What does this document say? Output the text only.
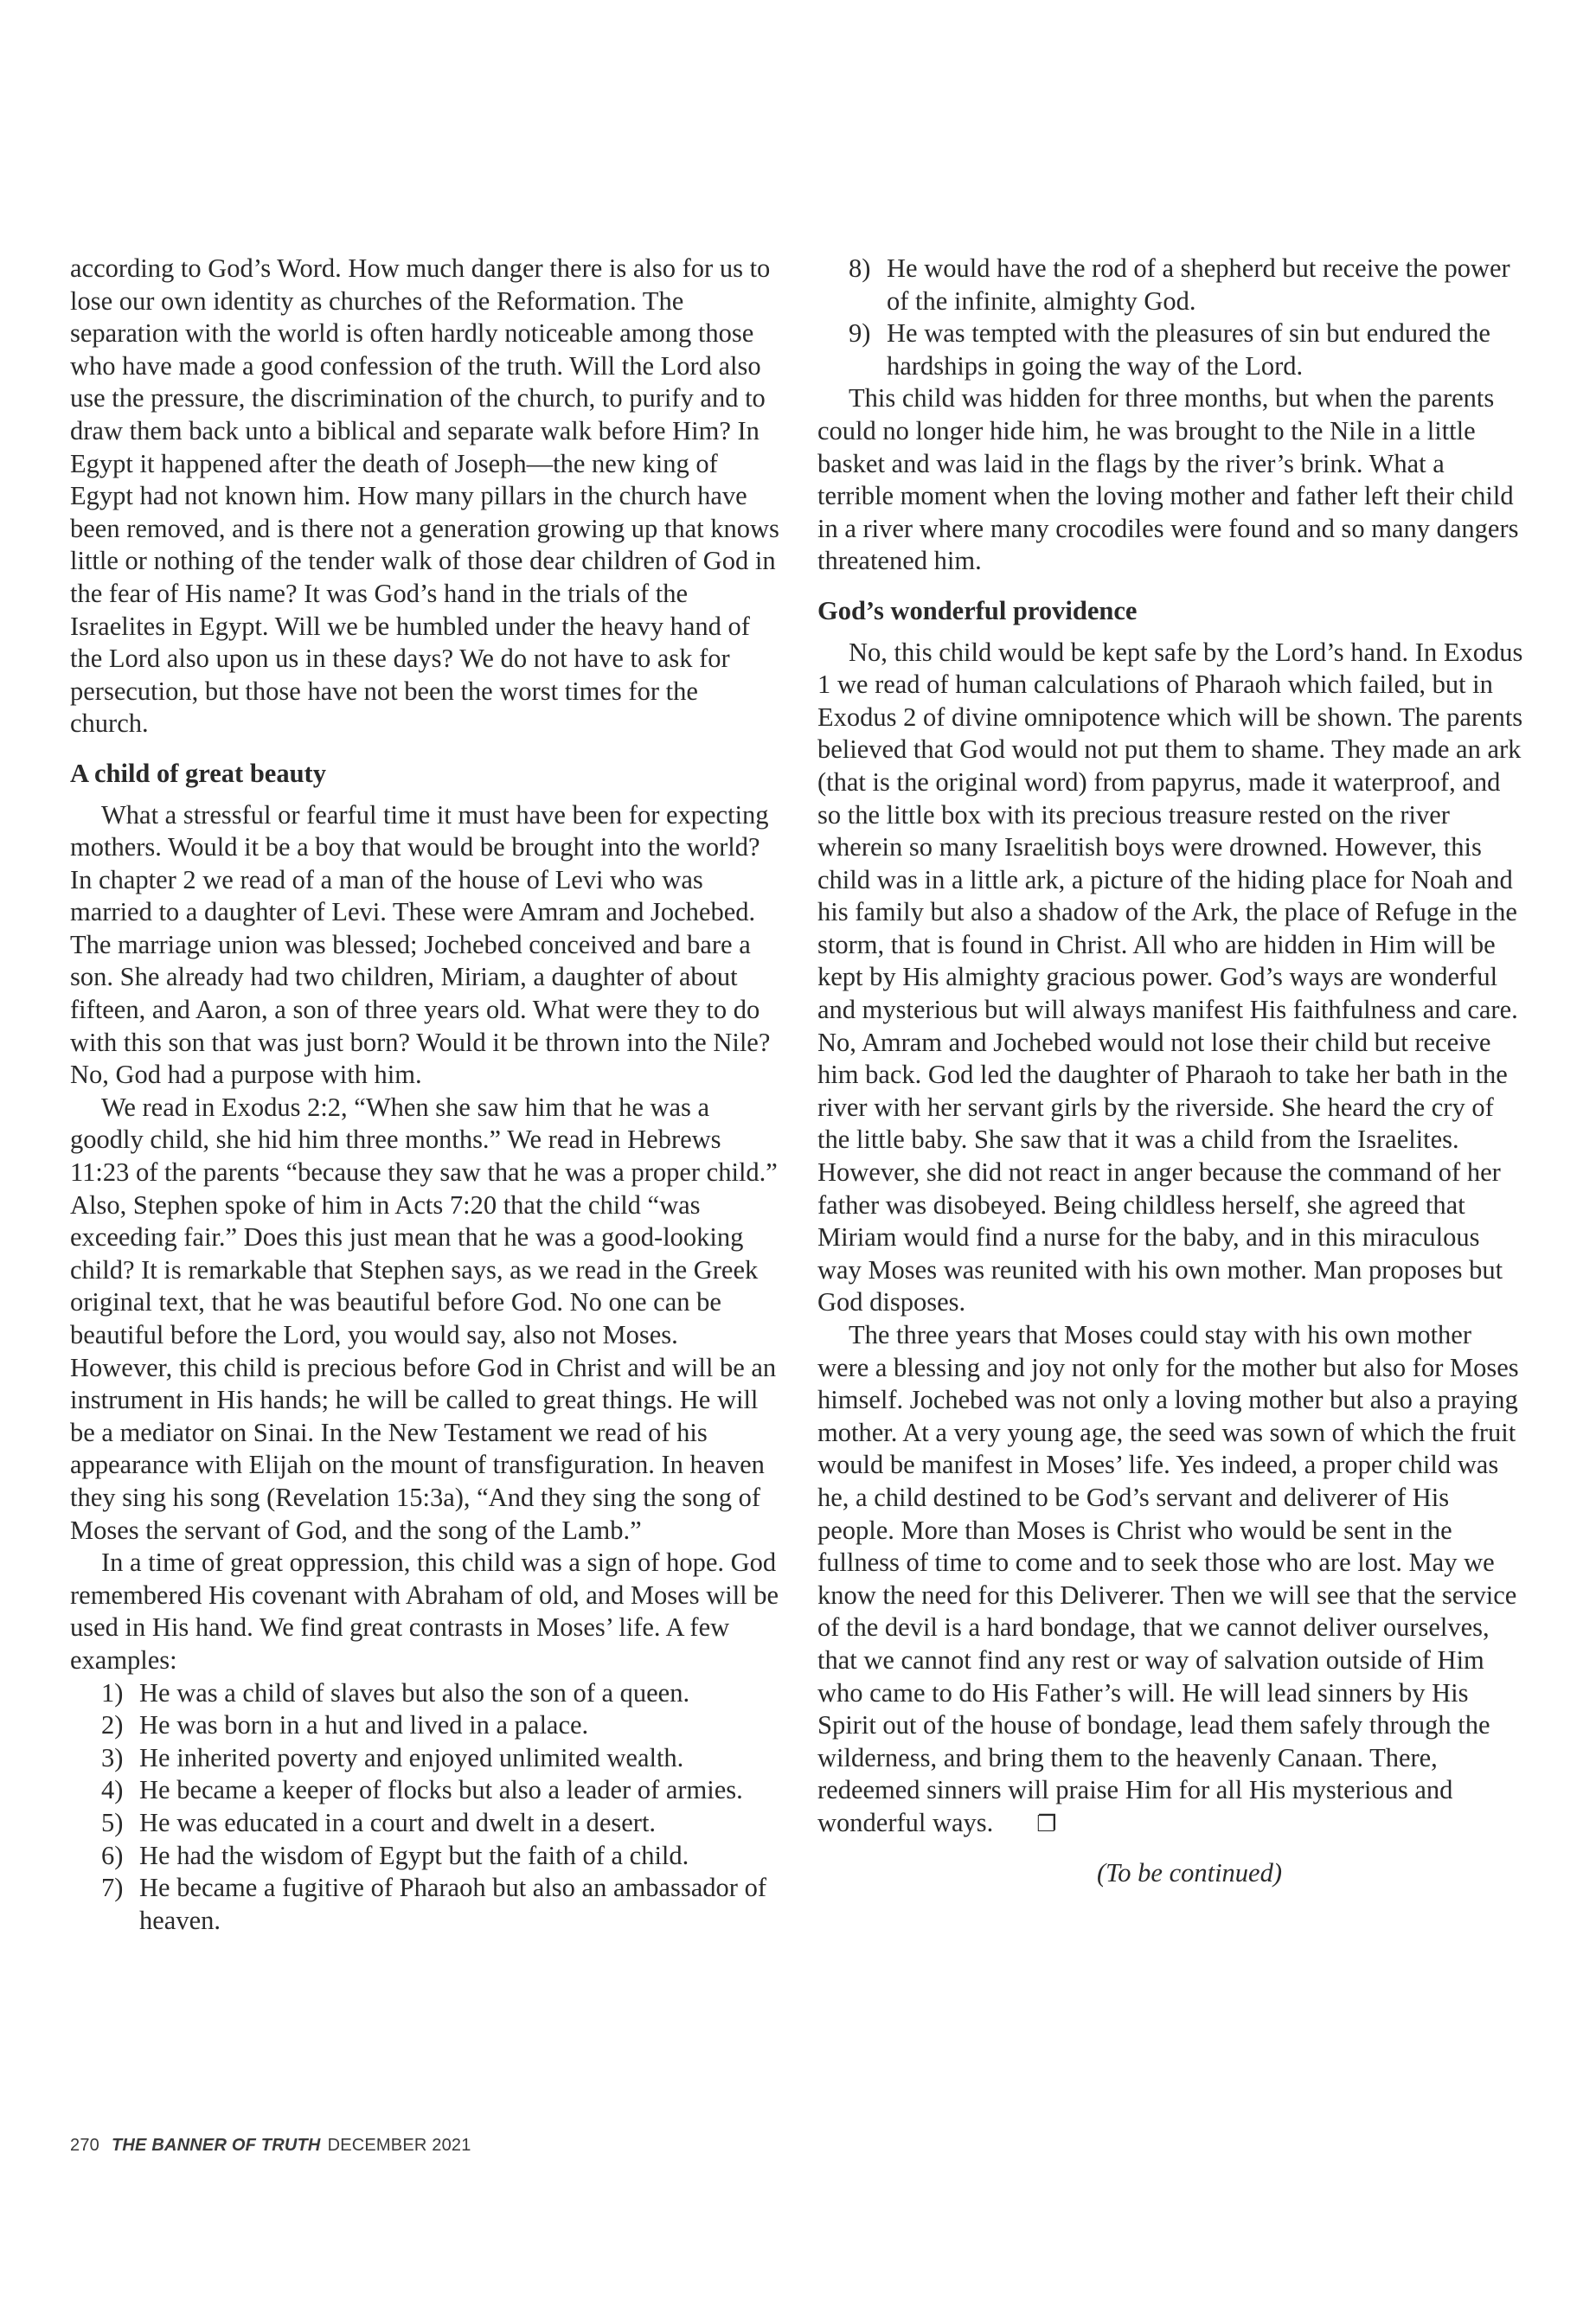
according to God’s Word. How much danger there is also for us to lose our own identity as churches of the Reformation. The separation with the world is often hardly noticeable among those who have made a good confession of the truth. Will the Lord also use the pressure, the discrimination of the church, to purify and to draw them back unto a biblical and separate walk before Him? In Egypt it happened after the death of Joseph—the new king of Egypt had not known him. How many pillars in the church have been removed, and is there not a generation growing up that knows little or nothing of the tender walk of those dear children of God in the fear of His name? It was God’s hand in the trials of the Israelites in Egypt. Will we be humbled under the heavy hand of the Lord also upon us in these days? We do not have to ask for persecution, but those have not been the worst times for the church.

A child of great beauty

What a stressful or fearful time it must have been for expecting mothers. Would it be a boy that would be brought into the world? In chapter 2 we read of a man of the house of Levi who was married to a daughter of Levi. These were Amram and Jochebed. The marriage union was blessed; Jochebed conceived and bare a son. She already had two children, Miriam, a daughter of about fifteen, and Aaron, a son of three years old. What were they to do with this son that was just born? Would it be thrown into the Nile? No, God had a purpose with him.

We read in Exodus 2:2, “When she saw him that he was a goodly child, she hid him three months.” We read in Hebrews 11:23 of the parents “because they saw that he was a proper child.” Also, Stephen spoke of him in Acts 7:20 that the child “was exceeding fair.” Does this just mean that he was a good-looking child? It is remarkable that Stephen says, as we read in the Greek original text, that he was beautiful before God. No one can be beautiful before the Lord, you would say, also not Moses. However, this child is precious before God in Christ and will be an instrument in His hands; he will be called to great things. He will be a mediator on Sinai. In the New Testament we read of his appearance with Elijah on the mount of transfiguration. In heaven they sing his song (Revelation 15:3a), “And they sing the song of Moses the servant of God, and the song of the Lamb.”

In a time of great oppression, this child was a sign of hope. God remembered His covenant with Abraham of old, and Moses will be used in His hand. We find great contrasts in Moses’ life. A few examples:

1) He was a child of slaves but also the son of a queen.
2) He was born in a hut and lived in a palace.
3) He inherited poverty and enjoyed unlimited wealth.
4) He became a keeper of flocks but also a leader of armies.
5) He was educated in a court and dwelt in a desert.
6) He had the wisdom of Egypt but the faith of a child.
7) He became a fugitive of Pharaoh but also an ambassador of heaven.
8) He would have the rod of a shepherd but receive the power of the infinite, almighty God.
9) He was tempted with the pleasures of sin but endured the hardships in going the way of the Lord.

This child was hidden for three months, but when the parents could no longer hide him, he was brought to the Nile in a little basket and was laid in the flags by the river’s brink. What a terrible moment when the loving mother and father left their child in a river where many crocodiles were found and so many dangers threatened him.

God’s wonderful providence

No, this child would be kept safe by the Lord’s hand. In Exodus 1 we read of human calculations of Pharaoh which failed, but in Exodus 2 of divine omnipotence which will be shown. The parents believed that God would not put them to shame. They made an ark (that is the original word) from papyrus, made it waterproof, and so the little box with its precious treasure rested on the river wherein so many Israelitish boys were drowned. However, this child was in a little ark, a picture of the hiding place for Noah and his family but also a shadow of the Ark, the place of Refuge in the storm, that is found in Christ. All who are hidden in Him will be kept by His almighty gracious power. God’s ways are wonderful and mysterious but will always manifest His faithfulness and care. No, Amram and Jochebed would not lose their child but receive him back. God led the daughter of Pharaoh to take her bath in the river with her servant girls by the riverside. She heard the cry of the little baby. She saw that it was a child from the Israelites. However, she did not react in anger because the command of her father was disobeyed. Being childless herself, she agreed that Miriam would find a nurse for the baby, and in this miraculous way Moses was reunited with his own mother. Man proposes but God disposes.

The three years that Moses could stay with his own mother were a blessing and joy not only for the mother but also for Moses himself. Jochebed was not only a loving mother but also a praying mother. At a very young age, the seed was sown of which the fruit would be manifest in Moses’ life. Yes indeed, a proper child was he, a child destined to be God’s servant and deliverer of His people. More than Moses is Christ who would be sent in the fullness of time to come and to seek those who are lost. May we know the need for this Deliverer. Then we will see that the service of the devil is a hard bondage, that we cannot deliver ourselves, that we cannot find any rest or way of salvation outside of Him who came to do His Father’s will. He will lead sinners by His Spirit out of the house of bondage, lead them safely through the wilderness, and bring them to the heavenly Canaan. There, redeemed sinners will praise Him for all His mysterious and wonderful ways. ❐

(To be continued)

270 THE BANNER OF TRUTH DECEMBER 2021
